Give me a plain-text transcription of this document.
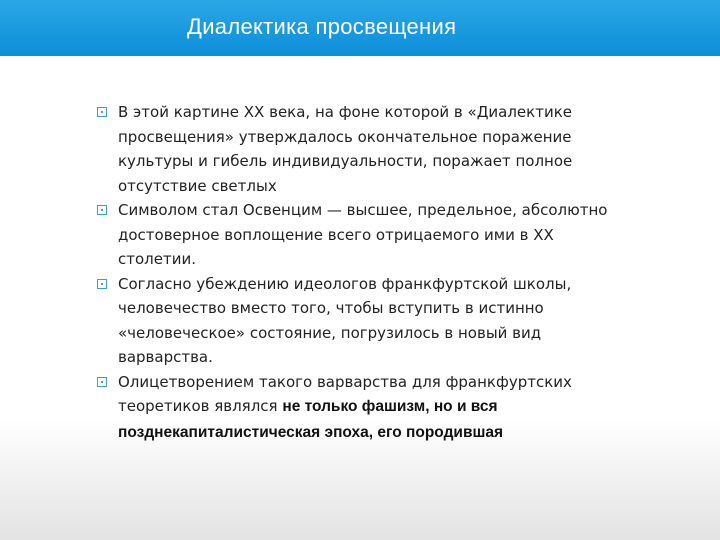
Диалектика просвещения
В этой картине XX века, на фоне которой в «Диалектике просвещения» утверждалось окончательное поражение культуры и гибель индивидуальности, поражает полное отсутствие светлых
Символом стал Освенцим — высшее, предельное, абсолютно достоверное воплощение всего отрицаемого ими в XX столетии.
Согласно убеждению идеологов франкфуртской школы, человечество вместо того, чтобы вступить в истинно «человеческое» состояние, погрузилось в новый вид варварства.
Олицетворением такого варварства для франкфуртских теоретиков являлся не только фашизм, но и вся позднекапиталистическая эпоха, его породившая
